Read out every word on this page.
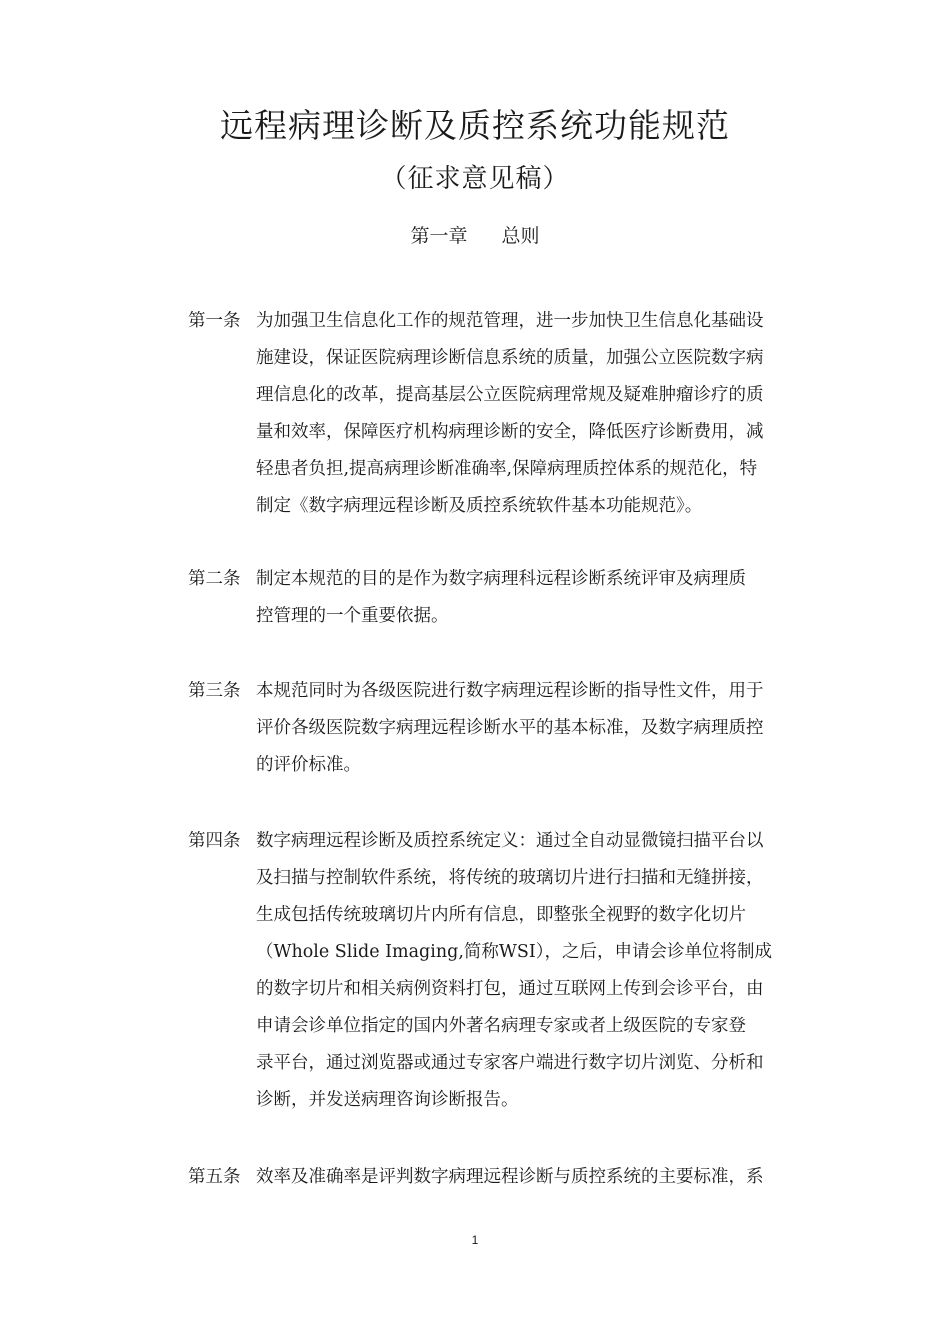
远程病理诊断及质控系统功能规范
（征求意见稿）
第一章 总则
第一条 为加强卫生信息化工作的规范管理，进一步加快卫生信息化基础设
施建设，保证医院病理诊断信息系统的质量，加强公立医院数字病
理信息化的改革，提高基层公立医院病理常规及疑难肿瘤诊疗的质
量和效率，保障医疗机构病理诊断的安全，降低医疗诊断费用，减
轻患者负担,提高病理诊断准确率,保障病理质控体系的规范化，特
制定《数字病理远程诊断及质控系统软件基本功能规范》。
第二条 制定本规范的目的是作为数字病理科远程诊断系统评审及病理质
控管理的一个重要依据。
第三条 本规范同时为各级医院进行数字病理远程诊断的指导性文件，用于
评价各级医院数字病理远程诊断水平的基本标准，及数字病理质控
的评价标准。
第四条 数字病理远程诊断及质控系统定义：通过全自动显微镜扫描平台以
及扫描与控制软件系统，将传统的玻璃切片进行扫描和无缝拼接，
生成包括传统玻璃切片内所有信息，即整张全视野的数字化切片
（Whole Slide Imaging,简称WSI），之后，申请会诊单位将制成
的数字切片和相关病例资料打包，通过互联网上传到会诊平台，由
申请会诊单位指定的国内外著名病理专家或者上级医院的专家登
录平台，通过浏览器或通过专家客户端进行数字切片浏览、分析和
诊断，并发送病理咨询诊断报告。
第五条 效率及准确率是评判数字病理远程诊断与质控系统的主要标准，系
1
